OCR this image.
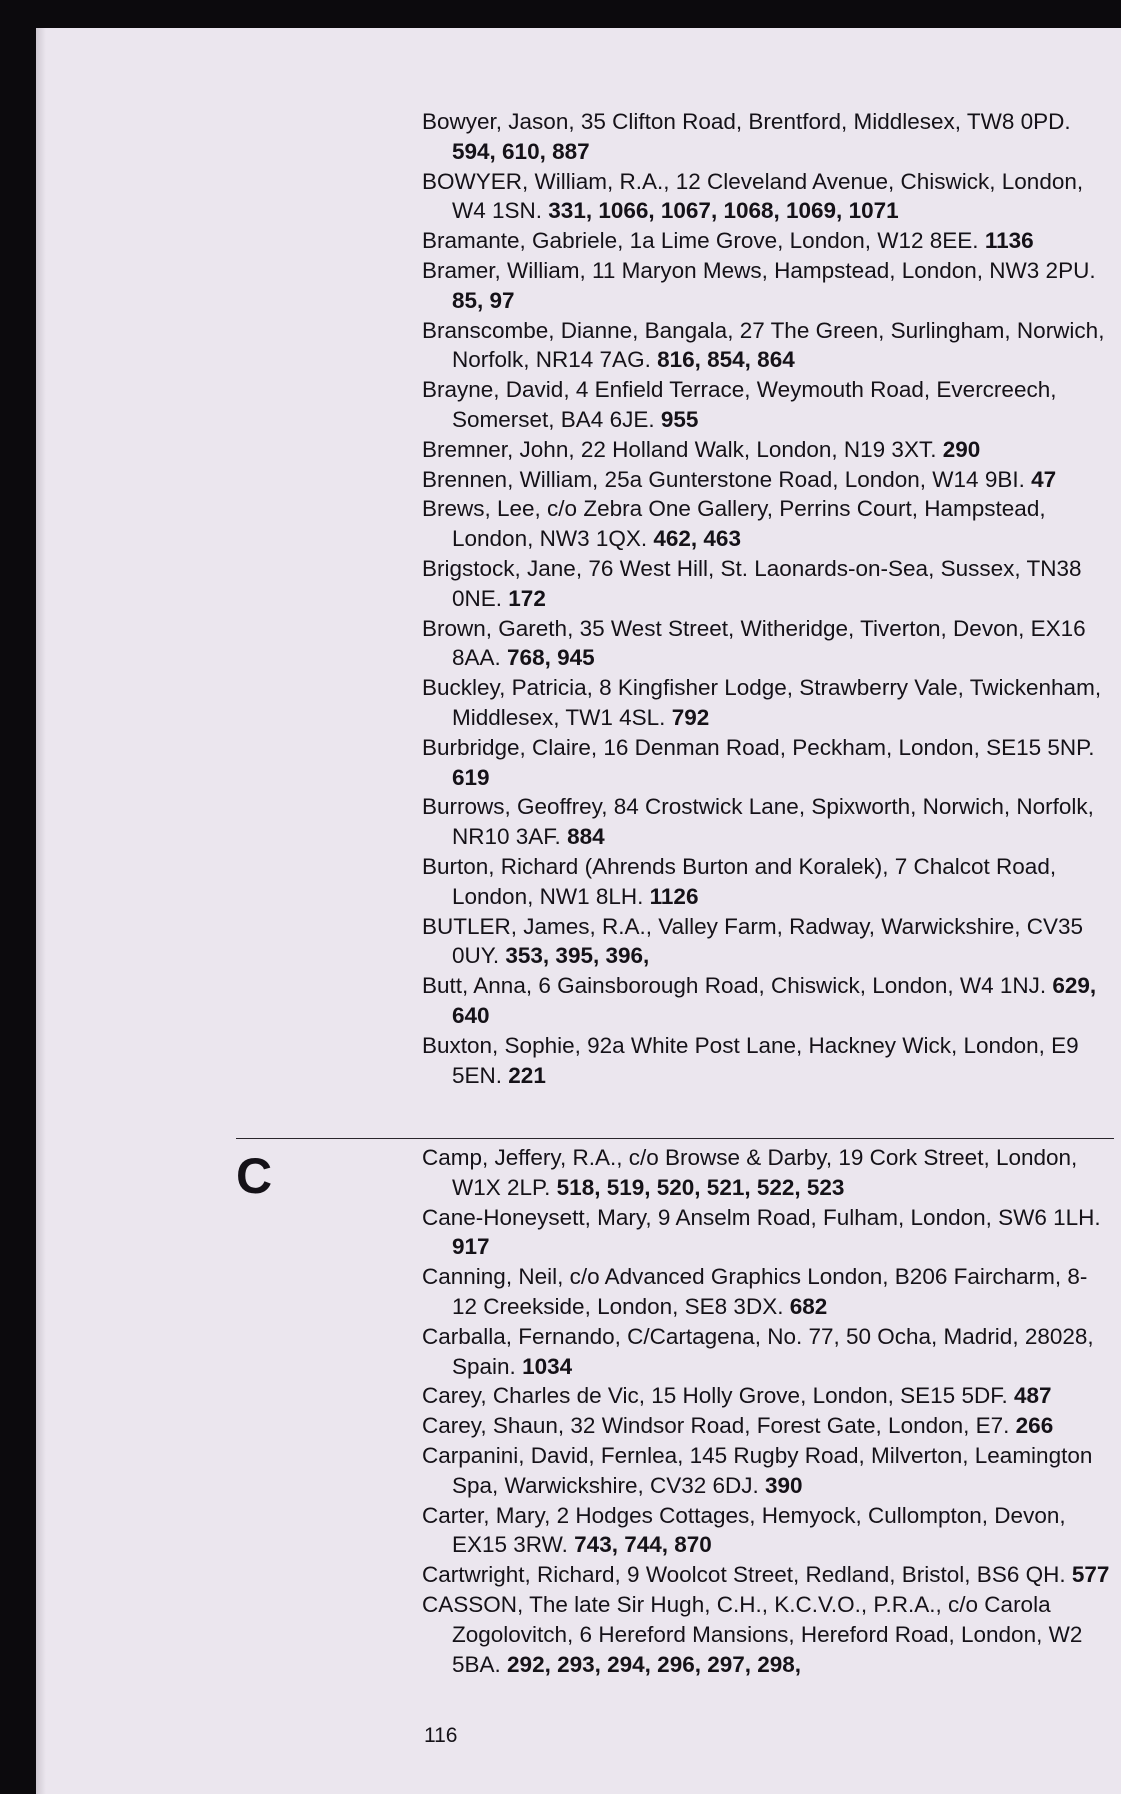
Bowyer, Jason, 35 Clifton Road, Brentford, Middlesex, TW8 0PD. 594, 610, 887
BOWYER, William, R.A., 12 Cleveland Avenue, Chiswick, London, W4 1SN. 331, 1066, 1067, 1068, 1069, 1071
Bramante, Gabriele, 1a Lime Grove, London, W12 8EE. 1136
Bramer, William, 11 Maryon Mews, Hampstead, London, NW3 2PU. 85, 97
Branscombe, Dianne, Bangala, 27 The Green, Surlingham, Norwich, Norfolk, NR14 7AG. 816, 854, 864
Brayne, David, 4 Enfield Terrace, Weymouth Road, Evercreech, Somerset, BA4 6JE. 955
Bremner, John, 22 Holland Walk, London, N19 3XT. 290
Brennen, William, 25a Gunterstone Road, London, W14 9BI. 47
Brews, Lee, c/o Zebra One Gallery, Perrins Court, Hampstead, London, NW3 1QX. 462, 463
Brigstock, Jane, 76 West Hill, St. Laonards-on-Sea, Sussex, TN38 0NE. 172
Brown, Gareth, 35 West Street, Witheridge, Tiverton, Devon, EX16 8AA. 768, 945
Buckley, Patricia, 8 Kingfisher Lodge, Strawberry Vale, Twickenham, Middlesex, TW1 4SL. 792
Burbridge, Claire, 16 Denman Road, Peckham, London, SE15 5NP. 619
Burrows, Geoffrey, 84 Crostwick Lane, Spixworth, Norwich, Norfolk, NR10 3AF. 884
Burton, Richard (Ahrends Burton and Koralek), 7 Chalcot Road, London, NW1 8LH. 1126
BUTLER, James, R.A., Valley Farm, Radway, Warwickshire, CV35 0UY. 353, 395, 396,
Butt, Anna, 6 Gainsborough Road, Chiswick, London, W4 1NJ. 629, 640
Buxton, Sophie, 92a White Post Lane, Hackney Wick, London, E9 5EN. 221
C	Camp, Jeffery, R.A., c/o Browse & Darby, 19 Cork Street, London, W1X 2LP. 518, 519, 520, 521, 522, 523
Cane-Honeysett, Mary, 9 Anselm Road, Fulham, London, SW6 1LH. 917
Canning, Neil, c/o Advanced Graphics London, B206 Faircharm, 8-12 Creekside, London, SE8 3DX. 682
Carballa, Fernando, C/Cartagena, No. 77, 50 Ocha, Madrid, 28028, Spain. 1034
Carey, Charles de Vic, 15 Holly Grove, London, SE15 5DF. 487
Carey, Shaun, 32 Windsor Road, Forest Gate, London, E7. 266
Carpanini, David, Fernlea, 145 Rugby Road, Milverton, Leamington Spa, Warwickshire, CV32 6DJ. 390
Carter, Mary, 2 Hodges Cottages, Hemyock, Cullompton, Devon, EX15 3RW. 743, 744, 870
Cartwright, Richard, 9 Woolcot Street, Redland, Bristol, BS6 QH. 577
CASSON, The late Sir Hugh, C.H., K.C.V.O., P.R.A., c/o Carola Zogolovitch, 6 Hereford Mansions, Hereford Road, London, W2 5BA. 292, 293, 294, 296, 297, 298,
116
